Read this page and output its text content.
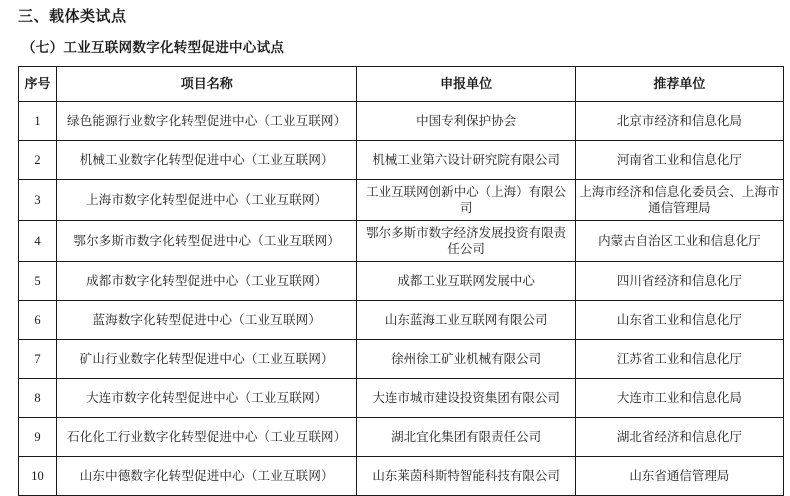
三、载体类试点
（七）工业互联网数字化转型促进中心试点
序号	项目名称	申报单位	推荐单位
1	绿色能源行业数字化转型促进中心（工业互联网）	中国专利保护协会	北京市经济和信息化局
2	机械工业数字化转型促进中心（工业互联网）	机械工业第六设计研究院有限公司	河南省工业和信息化厅
3	上海市数字化转型促进中心（工业互联网）	工业互联网创新中心（上海）有限公司	上海市经济和信息化委员会、上海市通信管理局
4	鄂尔多斯市数字化转型促进中心（工业互联网）	鄂尔多斯市数字经济发展投资有限责任公司	内蒙古自治区工业和信息化厅
5	成都市数字化转型促进中心（工业互联网）	成都工业互联网发展中心	四川省经济和信息化厅
6	蓝海数字化转型促进中心（工业互联网）	山东蓝海工业互联网有限公司	山东省工业和信息化厅
7	矿山行业数字化转型促进中心（工业互联网）	徐州徐工矿业机械有限公司	江苏省工业和信息化厅
8	大连市数字化转型促进中心（工业互联网）	大连市城市建设投资集团有限公司	大连市工业和信息化局
9	石化化工行业数字化转型促进中心（工业互联网）	湖北宜化集团有限责任公司	湖北省经济和信息化厅
10	山东中德数字化转型促进中心（工业互联网）	山东莱茵科斯特智能科技有限公司	山东省通信管理局
